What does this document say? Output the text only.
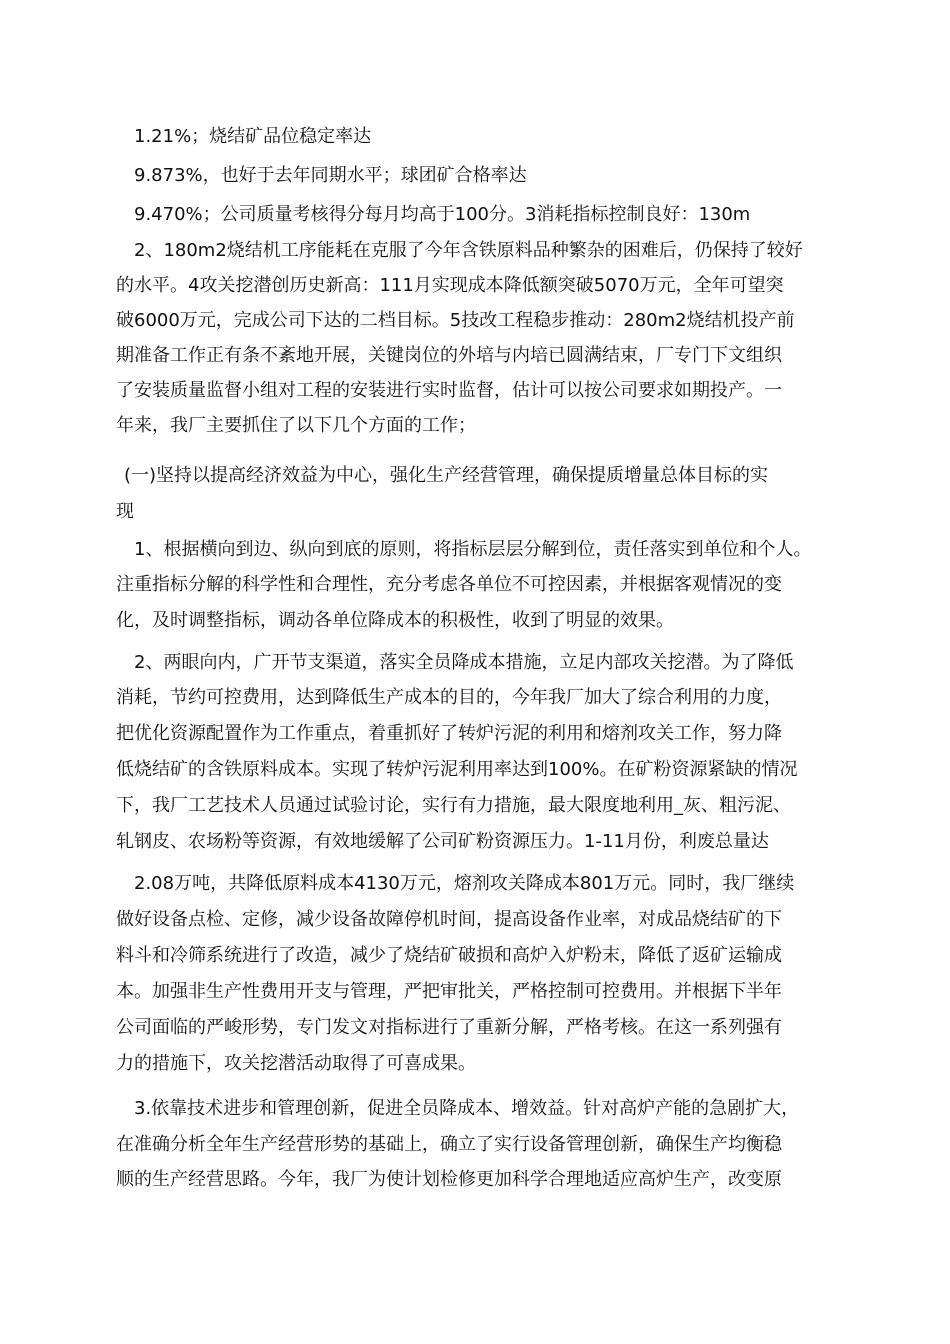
1.21%；烧结矿品位稳定率达

9.873%，也好于去年同期水平；球团矿合格率达

9.470%；公司质量考核得分每月均高于100分。3消耗指标控制良好：130m

2、180m2烧结机工序能耗在克服了今年含铁原料品种繁杂的困难后，仍保持了较好

的水平。4攻关挖潜创历史新高：111月实现成本降低额突破5070万元，全年可望突

破6000万元，完成公司下达的二档目标。5技改工程稳步推动：280m2烧结机投产前

期准备工作正有条不紊地开展，关键岗位的外培与内培已圆满结束，厂专门下文组织

了安装质量监督小组对工程的安装进行实时监督，估计可以按公司要求如期投产。一

年来，我厂主要抓住了以下几个方面的工作；

(一)坚持以提高经济效益为中心，强化生产经营管理，确保提质增量总体目标的实

现

1、根据横向到边、纵向到底的原则，将指标层层分解到位，责任落实到单位和个人。

注重指标分解的科学性和合理性，充分考虑各单位不可控因素，并根据客观情况的变

化，及时调整指标，调动各单位降成本的积极性，收到了明显的效果。

2、两眼向内，广开节支渠道，落实全员降成本措施，立足内部攻关挖潜。为了降低

消耗，节约可控费用，达到降低生产成本的目的，今年我厂加大了综合利用的力度，

把优化资源配置作为工作重点，着重抓好了转炉污泥的利用和熔剂攻关工作，努力降

低烧结矿的含铁原料成本。实现了转炉污泥利用率达到100%。在矿粉资源紧缺的情况

下，我厂工艺技术人员通过试验讨论，实行有力措施，最大限度地利用_灰、粗污泥、

轧钢皮、农场粉等资源，有效地缓解了公司矿粉资源压力。1-11月份，利废总量达

2.08万吨，共降低原料成本4130万元，熔剂攻关降成本801万元。同时，我厂继续

做好设备点检、定修，减少设备故障停机时间，提高设备作业率，对成品烧结矿的下

料斗和冷筛系统进行了改造，减少了烧结矿破损和高炉入炉粉末，降低了返矿运输成

本。加强非生产性费用开支与管理，严把审批关，严格控制可控费用。并根据下半年

公司面临的严峻形势，专门发文对指标进行了重新分解，严格考核。在这一系列强有

力的措施下，攻关挖潜活动取得了可喜成果。

3.依靠技术进步和管理创新，促进全员降成本、增效益。针对高炉产能的急剧扩大，

在准确分析全年生产经营形势的基础上，确立了实行设备管理创新，确保生产均衡稳

顺的生产经营思路。今年，我厂为使计划检修更加科学合理地适应高炉生产，改变原
